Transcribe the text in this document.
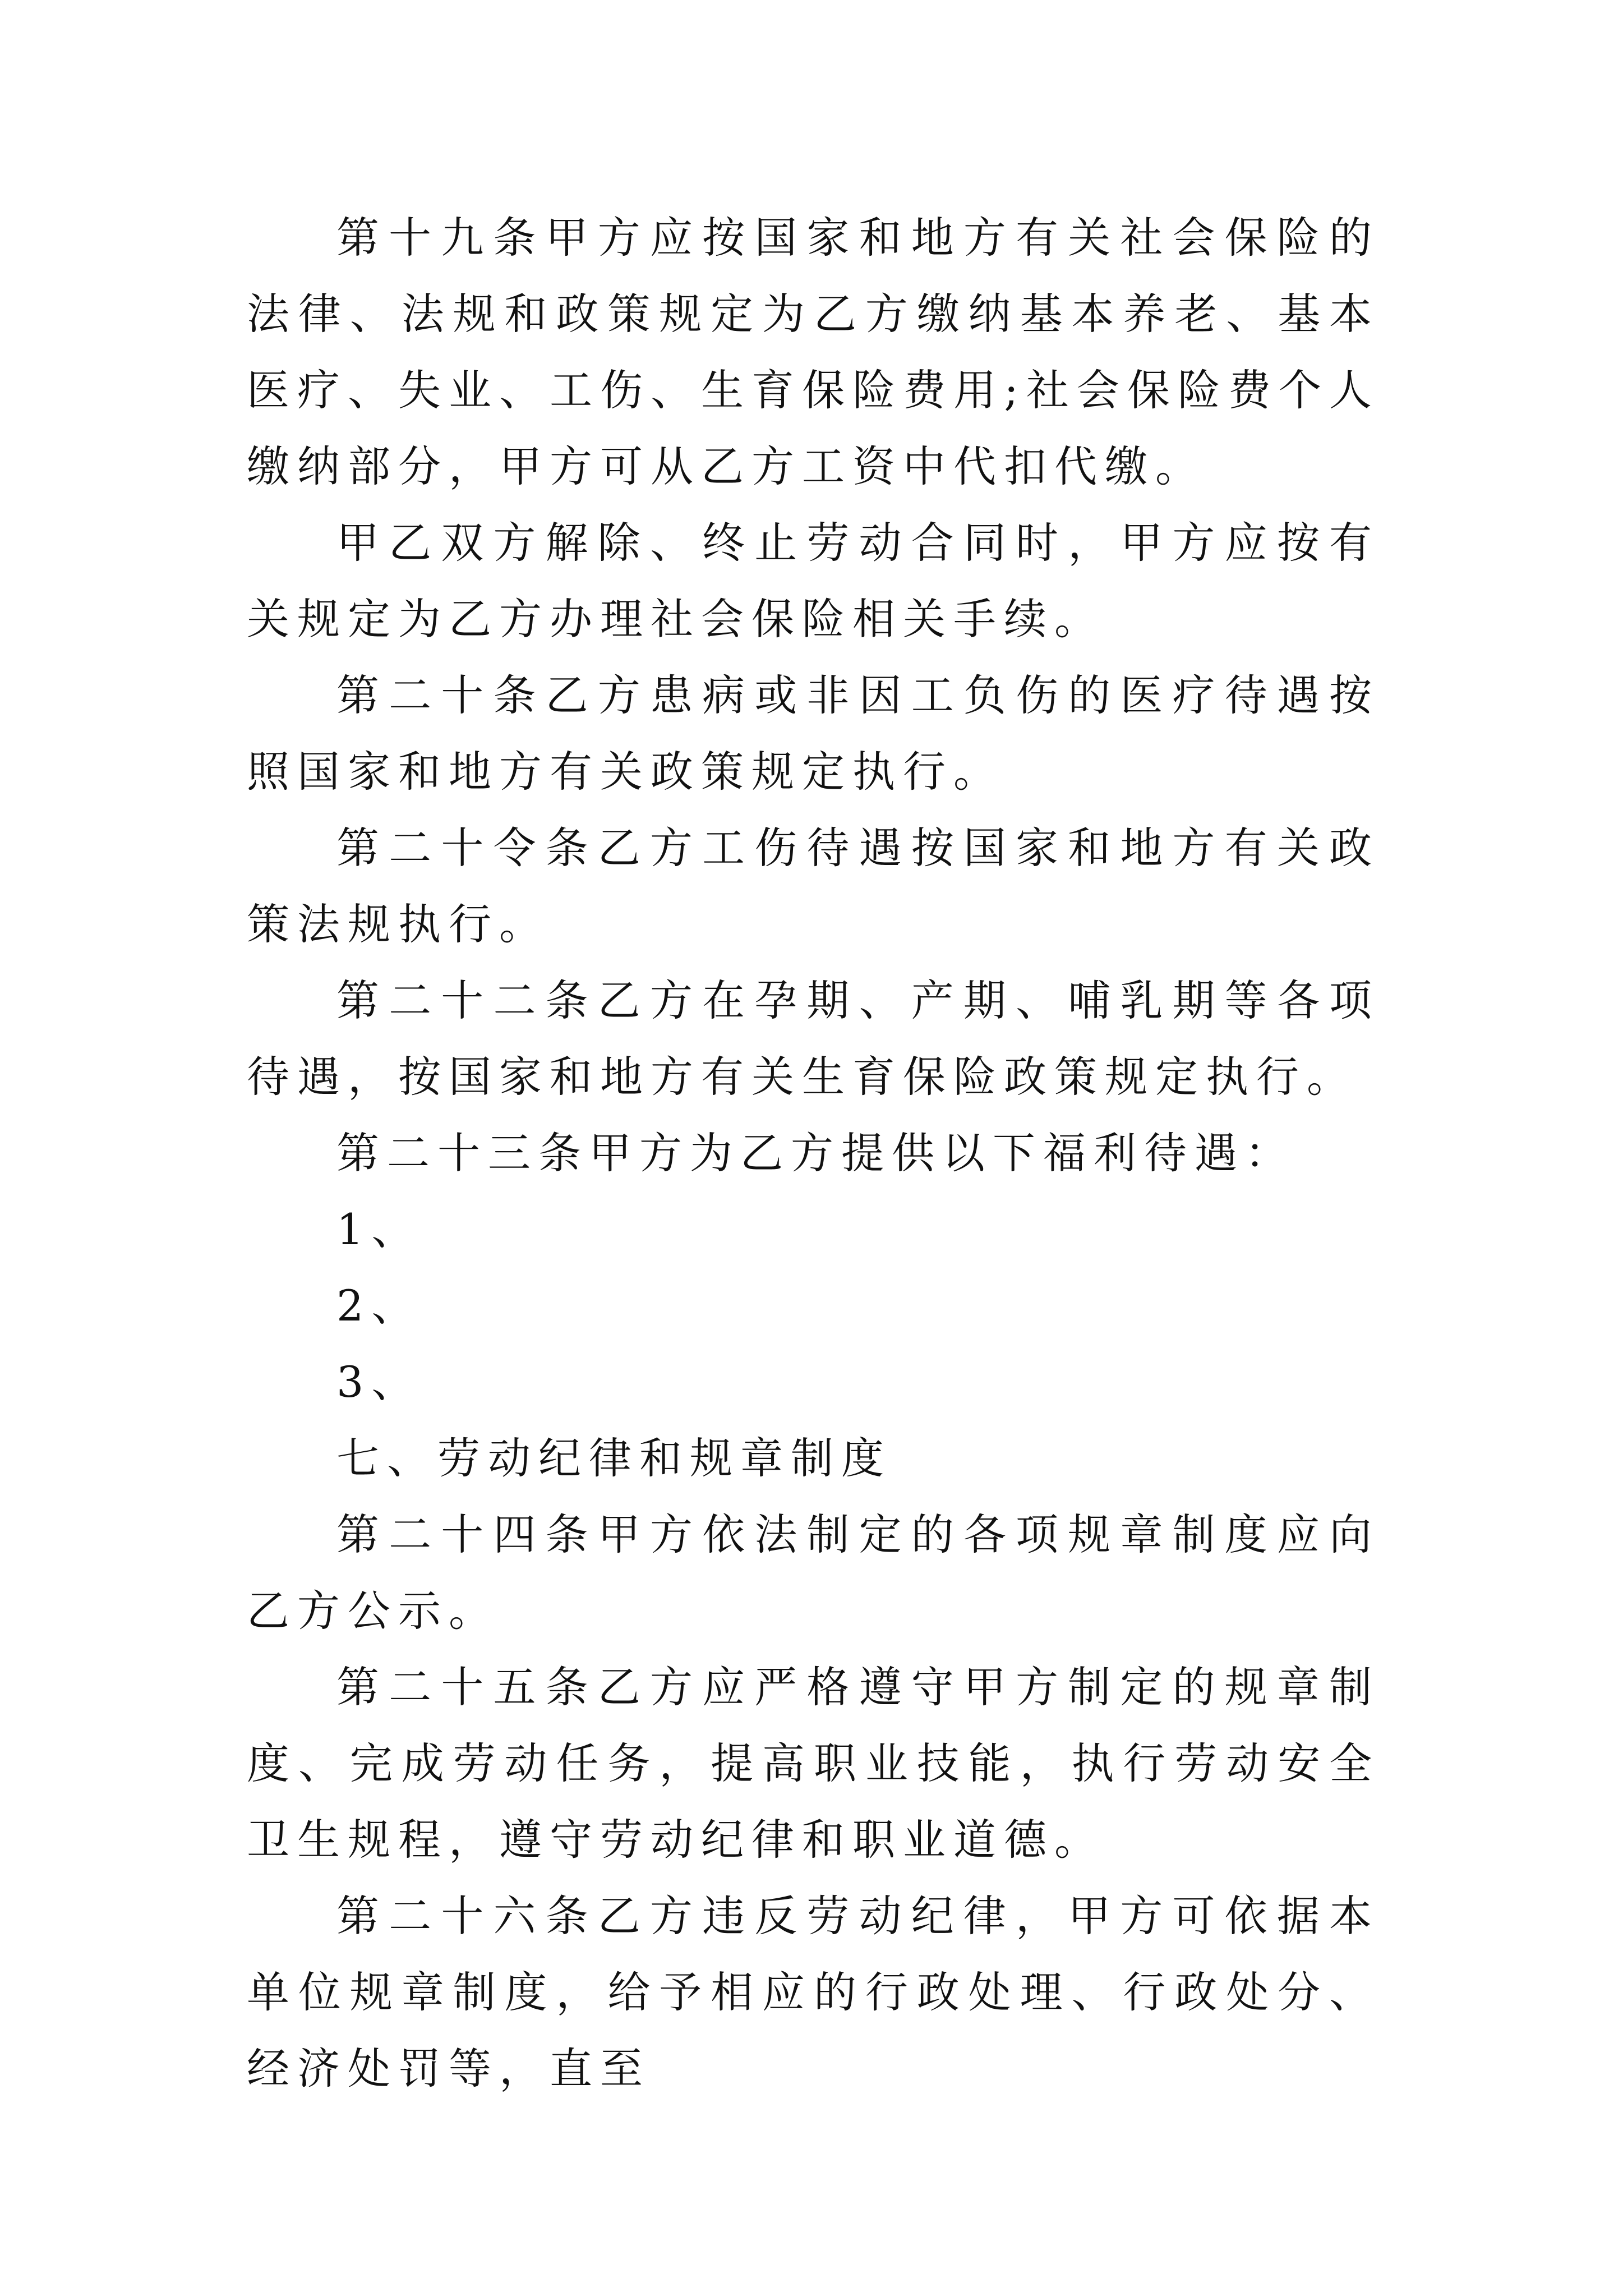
第十九条甲方应按国家和地方有关社会保险的法律、法规和政策规定为乙方缴纳基本养老、基本医疗、失业、工伤、生育保险费用;社会保险费个人缴纳部分，甲方可从乙方工资中代扣代缴。

甲乙双方解除、终止劳动合同时，甲方应按有关规定为乙方办理社会保险相关手续。

第二十条乙方患病或非因工负伤的医疗待遇按照国家和地方有关政策规定执行。

第二十令条乙方工伤待遇按国家和地方有关政策法规执行。

第二十二条乙方在孕期、产期、哺乳期等各项待遇，按国家和地方有关生育保险政策规定执行。

第二十三条甲方为乙方提供以下福利待遇：

1、

2、

3、

七、劳动纪律和规章制度

第二十四条甲方依法制定的各项规章制度应向乙方公示。

第二十五条乙方应严格遵守甲方制定的规章制度、完成劳动任务，提高职业技能，执行劳动安全卫生规程，遵守劳动纪律和职业道德。

第二十六条乙方违反劳动纪律，甲方可依据本单位规章制度，给予相应的行政处理、行政处分、经济处罚等，直至
